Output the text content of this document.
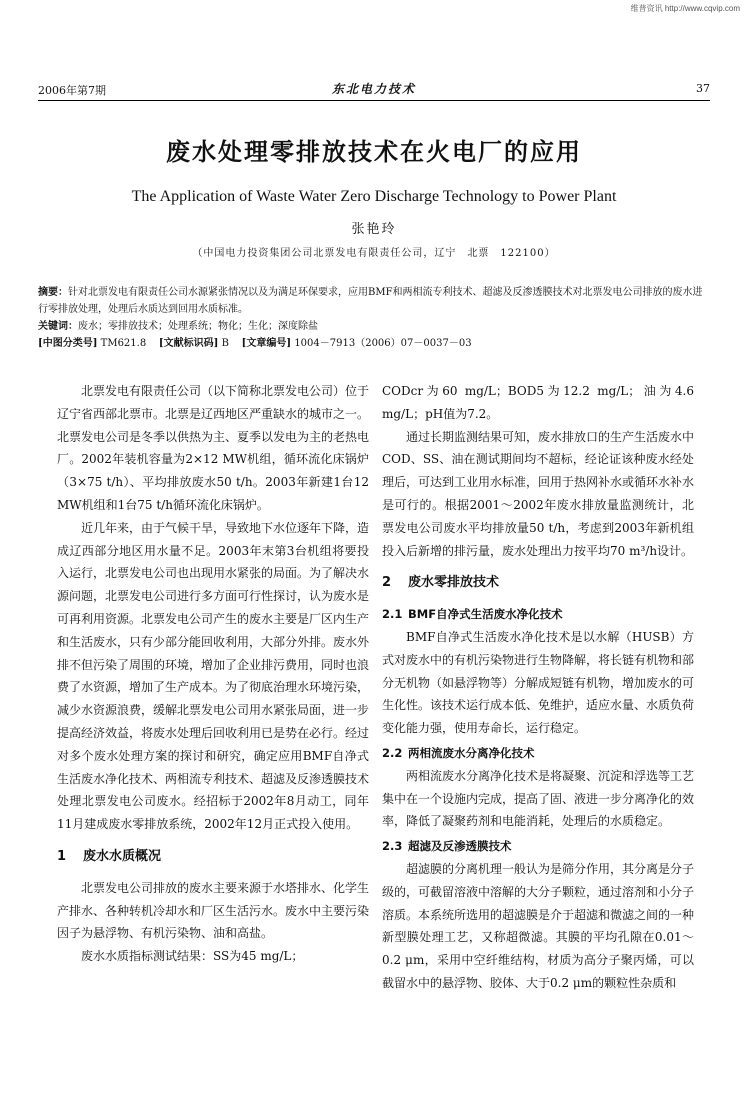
维普资讯 http://www.cqvip.com
2006年第7期	东北电力技术	37
废水处理零排放技术在火电厂的应用
The Application of Waste Water Zero Discharge Technology to Power Plant
张艳玲
（中国电力投资集团公司北票发电有限责任公司，辽宁　北票　122100）

摘要：针对北票发电有限责任公司水源紧张情况以及为满足环保要求，应用BMF和两相流专利技术、超滤及反渗透膜技术对北票发电公司排放的废水进行零排放处理，处理后水质达到回用水质标准。

关键词：废水；零排放技术；处理系统；物化；生化；深度除盐

[中图分类号] TM621.8 [文献标识码] B [文章编号] 1004－7913（2006）07－0037－03

北票发电有限责任公司（以下简称北票发电公司）位于辽宁省西部北票市。北票是辽西地区严重缺水的城市之一。北票发电公司是冬季以供热为主、夏季以发电为主的老热电厂。2002年装机容量为2×12 MW机组，循环流化床锅炉（3×75 t/h）、平均排放废水50 t/h。2003年新建1台12 MW机组和1台75 t/h循环流化床锅炉。

近几年来，由于气候干旱，导致地下水位逐年下降，造成辽西部分地区用水量不足。2003年末第3台机组将要投入运行，北票发电公司也出现用水紧张的局面。为了解决水源问题，北票发电公司进行多方面可行性探讨，认为废水是可再利用资源。北票发电公司产生的废水主要是厂区内生产和生活废水，只有少部分能回收利用，大部分外排。废水外排不但污染了周围的环境，增加了企业排污费用，同时也浪费了水资源，增加了生产成本。为了彻底治理水环境污染，减少水资源浪费，缓解北票发电公司用水紧张局面，进一步提高经济效益，将废水处理后回收利用已是势在必行。经过对多个废水处理方案的探讨和研究，确定应用BMF自净式生活废水净化技术、两相流专利技术、超滤及反渗透膜技术处理北票发电公司废水。经招标于2002年8月动工，同年11月建成废水零排放系统，2002年12月正式投入使用。

1 废水水质概况

北票发电公司排放的废水主要来源于水塔排水、化学生产排水、各种转机冷却水和厂区生活污水。废水中主要污染因子为悬浮物、有机污染物、油和高盐。

废水水质指标测试结果：SS为45 mg/L；

CODcr为60 mg/L；BOD5为12.2 mg/L；油为4.6 mg/L；pH值为7.2。

通过长期监测结果可知，废水排放口的生产生活废水中COD、SS、油在测试期间均不超标，经论证该种废水经处理后，可达到工业用水标准，回用于热网补水或循环水补水是可行的。根据2001～2002年废水排放量监测统计，北票发电公司废水平均排放量50 t/h，考虑到2003年新机组投入后新增的排污量，废水处理出力按平均70 m³/h设计。

2 废水零排放技术
2.1 BMF自净式生活废水净化技术

BMF自净式生活废水净化技术是以水解（HUSB）方式对废水中的有机污染物进行生物降解，将长链有机物和部分无机物（如悬浮物等）分解成短链有机物，增加废水的可生化性。该技术运行成本低、免维护，适应水量、水质负荷变化能力强，使用寿命长，运行稳定。

2.2 两相流废水分离净化技术

两相流废水分离净化技术是将凝聚、沉淀和浮选等工艺集中在一个设施内完成，提高了固、液进一步分离净化的效率，降低了凝聚药剂和电能消耗，处理后的水质稳定。

2.3 超滤及反渗透膜技术

超滤膜的分离机理一般认为是筛分作用，其分离是分子级的，可截留溶液中溶解的大分子颗粒，通过溶剂和小分子溶质。本系统所选用的超滤膜是介于超滤和微滤之间的一种新型膜处理工艺，又称超微滤。其膜的平均孔隙在0.01～0.2 μm，采用中空纤维结构，材质为高分子聚丙烯，可以截留水中的悬浮物、胶体、大于0.2 μm的颗粒性杂质和
